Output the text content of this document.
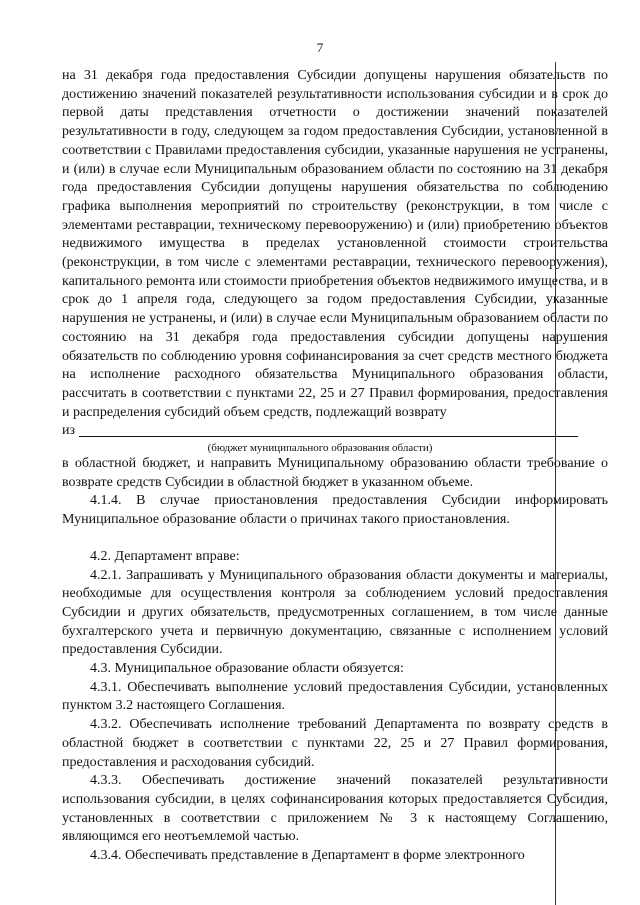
7

на 31 декабря года предоставления Субсидии допущены нарушения обязательств по достижению значений показателей результативности использования субсидии и в срок до первой даты представления отчетности о достижении значений показателей результативности в году, следующем за годом предоставления Субсидии, установленной в соответствии с Правилами предоставления субсидии, указанные нарушения не устранены, и (или) в случае если Муниципальным образованием области по состоянию на 31 декабря года предоставления Субсидии допущены нарушения обязательства по соблюдению графика выполнения мероприятий по строительству (реконструкции, в том числе с элементами реставрации, техническому перевооружению) и (или) приобретению объектов недвижимого имущества в пределах установленной стоимости строительства (реконструкции, в том числе с элементами реставрации, технического перевооружения), капитального ремонта или стоимости приобретения объектов недвижимого имущества, и в срок до 1 апреля года, следующего за годом предоставления Субсидии, указанные нарушения не устранены, и (или) в случае если Муниципальным образованием области по состоянию на 31 декабря года предоставления субсидии допущены нарушения обязательств по соблюдению уровня софинансирования за счет средств местного бюджета на исполнение расходного обязательства Муниципального образования области, рассчитать в соответствии с пунктами 22, 25 и 27 Правил формирования, предоставления и распределения субсидий объем средств, подлежащий возврату

из

(бюджет муниципального образования области)

в областной бюджет, и направить Муниципальному образованию области требование о возврате средств Субсидии в областной бюджет в указанном объеме.

4.1.4. В случае приостановления предоставления Субсидии информировать Муниципальное образование области о причинах такого приостановления.

4.2. Департамент вправе:

4.2.1. Запрашивать у Муниципального образования области документы и материалы, необходимые для осуществления контроля за соблюдением условий предоставления Субсидии и других обязательств, предусмотренных соглашением, в том числе данные бухгалтерского учета и первичную документацию, связанные с исполнением условий предоставления Субсидии.

4.3. Муниципальное образование области обязуется:

4.3.1. Обеспечивать выполнение условий предоставления Субсидии, установленных пунктом 3.2 настоящего Соглашения.

4.3.2. Обеспечивать исполнение требований Департамента по возврату средств в областной бюджет в соответствии с пунктами 22, 25 и 27 Правил формирования, предоставления и расходования субсидий.

4.3.3. Обеспечивать достижение значений показателей результативности использования субсидии, в целях софинансирования которых предоставляется Субсидия, установленных в соответствии с приложением № 3 к настоящему Соглашению, являющимся его неотъемлемой частью.

4.3.4. Обеспечивать представление в Департамент в форме электронного
